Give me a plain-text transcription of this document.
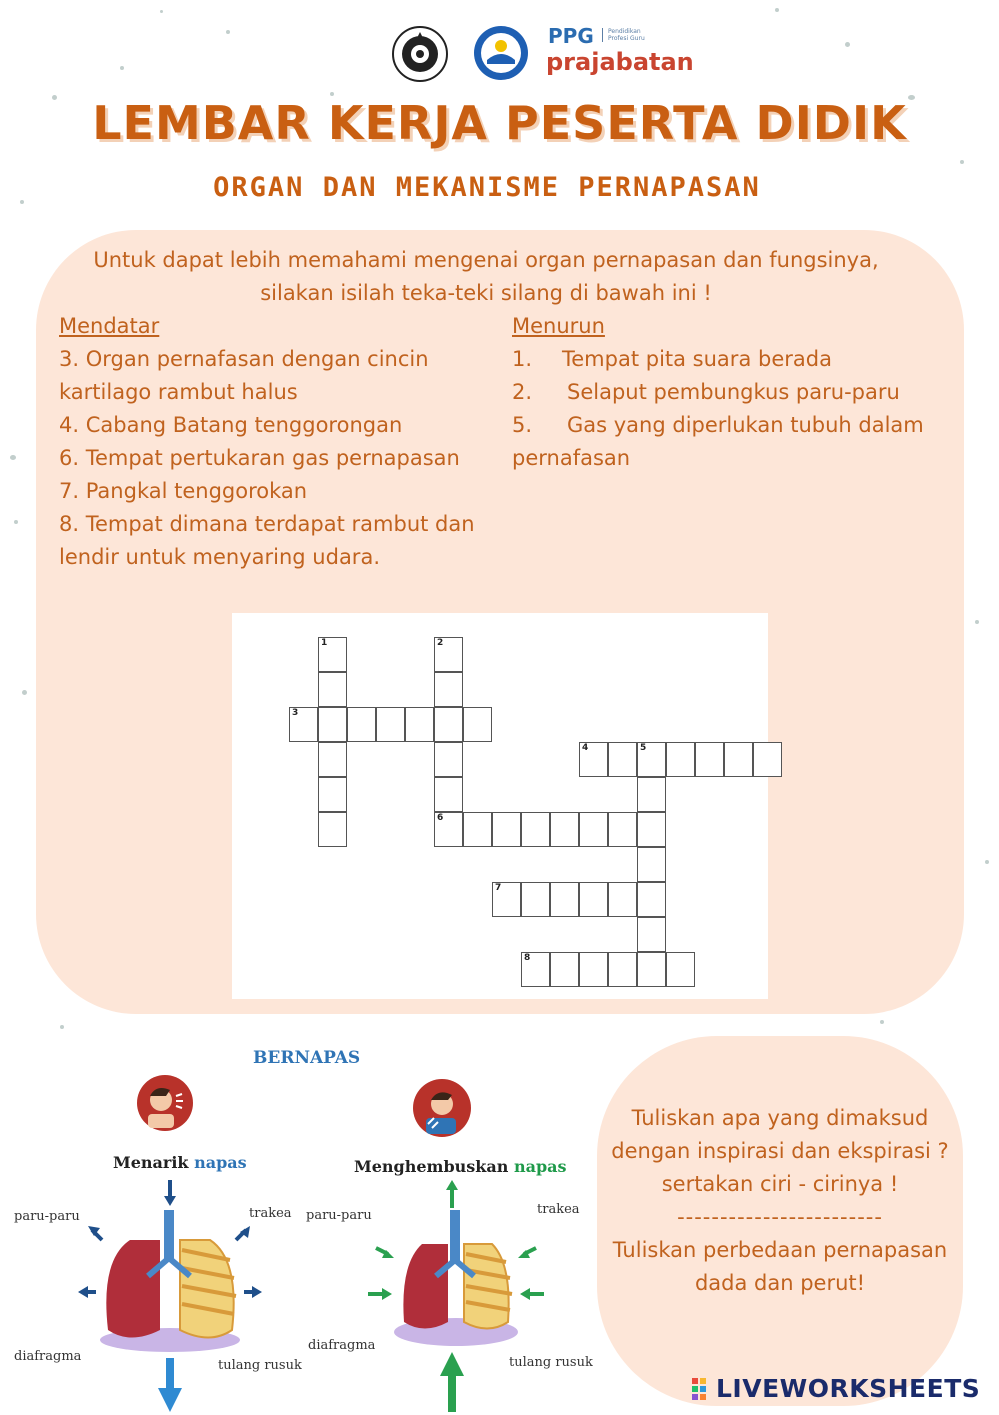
PPG	Pendidikan Profesi Guru
prajabatan
LEMBAR KERJA PESERTA DIDIK
ORGAN DAN MEKANISME PERNAPASAN
Untuk dapat lebih memahami mengenai organ pernapasan dan fungsinya, silakan isilah teka-teki silang di bawah ini !
Mendatar
3. Organ pernafasan dengan cincin kartilago rambut halus
4. Cabang Batang tenggorongan
6. Tempat pertukaran gas pernapasan
7. Pangkal tenggorokan
8. Tempat dimana terdapat rambut dan lendir untuk menyaring udara.
Menurun
1. Tempat pita suara berada
2. Selaput pembungkus paru-paru
5. Gas yang diperlukan tubuh dalam pernafasan
1	2
6
3
4	5
7
8
BERNAPAS
Menarik napas	Menghembuskan napas
paru-paru	trakea
diafragma
tulang rusuk
paru-paru	trakea
diafragma
tulang rusuk
Tuliskan apa yang dimaksud dengan inspirasi dan ekspirasi ? sertakan ciri - cirinya !
------------------------
Tuliskan perbedaan pernapasan dada dan perut!
LIVEWORKSHEETS
